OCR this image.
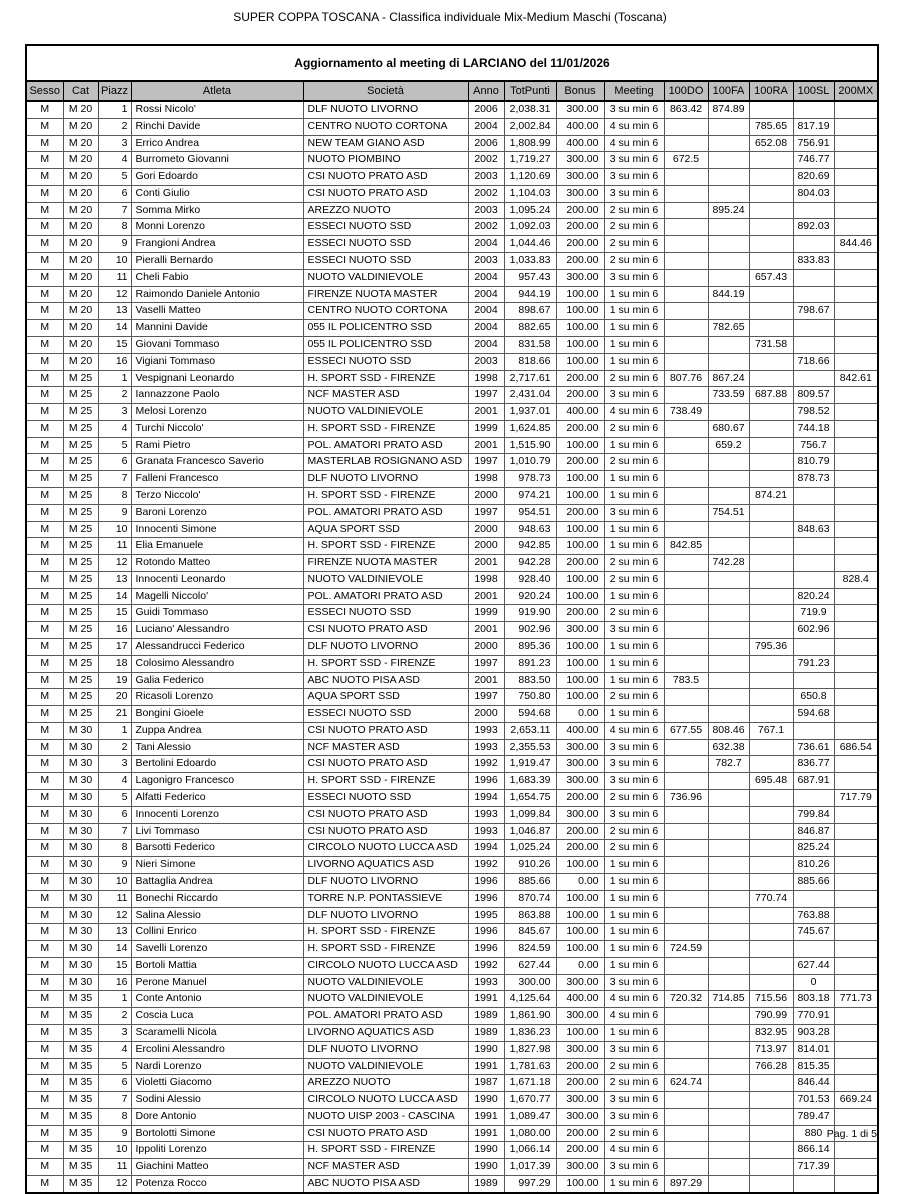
SUPER COPPA TOSCANA - Classifica individuale Mix-Medium Maschi (Toscana)
Aggiornamento al meeting di LARCIANO del 11/01/2026													
Sesso	Cat	Piazz	Atleta	Società	Anno	TotPunti	Bonus	Meeting	100DO	100FA	100RA	100SL	200MX
M	M 20	1	Rossi Nicolo'	DLF NUOTO LIVORNO	2006	2,038.31	300.00	3 su min 6	863.42	874.89			
M	M 20	2	Rinchi Davide	CENTRO NUOTO CORTONA	2004	2,002.84	400.00	4 su min 6			785.65	817.19	
M	M 20	3	Errico Andrea	NEW TEAM GIANO ASD	2006	1,808.99	400.00	4 su min 6			652.08	756.91	
M	M 20	4	Burrometo Giovanni	NUOTO PIOMBINO	2002	1,719.27	300.00	3 su min 6	672.5			746.77	
M	M 20	5	Gori Edoardo	CSI NUOTO PRATO ASD	2003	1,120.69	300.00	3 su min 6				820.69	
M	M 20	6	Conti Giulio	CSI NUOTO PRATO ASD	2002	1,104.03	300.00	3 su min 6				804.03	
M	M 20	7	Somma Mirko	AREZZO NUOTO	2003	1,095.24	200.00	2 su min 6		895.24			
M	M 20	8	Monni Lorenzo	ESSECI NUOTO SSD	2002	1,092.03	200.00	2 su min 6				892.03	
M	M 20	9	Frangioni Andrea	ESSECI NUOTO SSD	2004	1,044.46	200.00	2 su min 6					844.46
M	M 20	10	Pieralli Bernardo	ESSECI NUOTO SSD	2003	1,033.83	200.00	2 su min 6				833.83	
M	M 20	11	Cheli Fabio	NUOTO VALDINIEVOLE	2004	957.43	300.00	3 su min 6			657.43		
M	M 20	12	Raimondo Daniele Antonio	FIRENZE NUOTA MASTER	2004	944.19	100.00	1 su min 6		844.19			
M	M 20	13	Vaselli Matteo	CENTRO NUOTO CORTONA	2004	898.67	100.00	1 su min 6				798.67	
M	M 20	14	Mannini Davide	055 IL POLICENTRO SSD	2004	882.65	100.00	1 su min 6		782.65			
M	M 20	15	Giovani Tommaso	055 IL POLICENTRO SSD	2004	831.58	100.00	1 su min 6			731.58		
M	M 20	16	Vigiani Tommaso	ESSECI NUOTO SSD	2003	818.66	100.00	1 su min 6				718.66	
M	M 25	1	Vespignani Leonardo	H. SPORT SSD - FIRENZE	1998	2,717.61	200.00	2 su min 6	807.76	867.24			842.61
M	M 25	2	Iannazzone Paolo	NCF MASTER ASD	1997	2,431.04	200.00	3 su min 6		733.59	687.88	809.57	
M	M 25	3	Melosi Lorenzo	NUOTO VALDINIEVOLE	2001	1,937.01	400.00	4 su min 6	738.49			798.52	
M	M 25	4	Turchi Niccolo'	H. SPORT SSD - FIRENZE	1999	1,624.85	200.00	2 su min 6		680.67		744.18	
M	M 25	5	Rami Pietro	POL. AMATORI PRATO ASD	2001	1,515.90	100.00	1 su min 6		659.2		756.7	
M	M 25	6	Granata Francesco Saverio	MASTERLAB ROSIGNANO ASD	1997	1,010.79	200.00	2 su min 6				810.79	
M	M 25	7	Falleni Francesco	DLF NUOTO LIVORNO	1998	978.73	100.00	1 su min 6				878.73	
M	M 25	8	Terzo Niccolo'	H. SPORT SSD - FIRENZE	2000	974.21	100.00	1 su min 6			874.21		
M	M 25	9	Baroni Lorenzo	POL. AMATORI PRATO ASD	1997	954.51	200.00	3 su min 6		754.51			
M	M 25	10	Innocenti Simone	AQUA SPORT SSD	2000	948.63	100.00	1 su min 6				848.63	
M	M 25	11	Elia Emanuele	H. SPORT SSD - FIRENZE	2000	942.85	100.00	1 su min 6	842.85				
M	M 25	12	Rotondo Matteo	FIRENZE NUOTA MASTER	2001	942.28	200.00	2 su min 6		742.28			
M	M 25	13	Innocenti Leonardo	NUOTO VALDINIEVOLE	1998	928.40	100.00	2 su min 6					828.4
M	M 25	14	Magelli Niccolo'	POL. AMATORI PRATO ASD	2001	920.24	100.00	1 su min 6				820.24	
M	M 25	15	Guidi Tommaso	ESSECI NUOTO SSD	1999	919.90	200.00	2 su min 6				719.9	
M	M 25	16	Luciano' Alessandro	CSI NUOTO PRATO ASD	2001	902.96	300.00	3 su min 6				602.96	
M	M 25	17	Alessandrucci Federico	DLF NUOTO LIVORNO	2000	895.36	100.00	1 su min 6			795.36		
M	M 25	18	Colosimo Alessandro	H. SPORT SSD - FIRENZE	1997	891.23	100.00	1 su min 6				791.23	
M	M 25	19	Galia Federico	ABC NUOTO PISA ASD	2001	883.50	100.00	1 su min 6	783.5				
M	M 25	20	Ricasoli Lorenzo	AQUA SPORT SSD	1997	750.80	100.00	2 su min 6				650.8	
M	M 25	21	Bongini Gioele	ESSECI NUOTO SSD	2000	594.68	0.00	1 su min 6				594.68	
M	M 30	1	Zuppa Andrea	CSI NUOTO PRATO ASD	1993	2,653.11	400.00	4 su min 6	677.55	808.46	767.1		
M	M 30	2	Tani Alessio	NCF MASTER ASD	1993	2,355.53	300.00	3 su min 6		632.38		736.61	686.54
M	M 30	3	Bertolini Edoardo	CSI NUOTO PRATO ASD	1992	1,919.47	300.00	3 su min 6		782.7		836.77	
M	M 30	4	Lagonigro Francesco	H. SPORT SSD - FIRENZE	1996	1,683.39	300.00	3 su min 6			695.48	687.91	
M	M 30	5	Alfatti Federico	ESSECI NUOTO SSD	1994	1,654.75	200.00	2 su min 6	736.96				717.79
M	M 30	6	Innocenti Lorenzo	CSI NUOTO PRATO ASD	1993	1,099.84	300.00	3 su min 6				799.84	
M	M 30	7	Livi Tommaso	CSI NUOTO PRATO ASD	1993	1,046.87	200.00	2 su min 6				846.87	
M	M 30	8	Barsotti Federico	CIRCOLO NUOTO LUCCA ASD	1994	1,025.24	200.00	2 su min 6				825.24	
M	M 30	9	Nieri Simone	LIVORNO AQUATICS ASD	1992	910.26	100.00	1 su min 6				810.26	
M	M 30	10	Battaglia Andrea	DLF NUOTO LIVORNO	1996	885.66	0.00	1 su min 6				885.66	
M	M 30	11	Bonechi Riccardo	TORRE N.P. PONTASSIEVE	1996	870.74	100.00	1 su min 6			770.74		
M	M 30	12	Salina Alessio	DLF NUOTO LIVORNO	1995	863.88	100.00	1 su min 6				763.88	
M	M 30	13	Collini Enrico	H. SPORT SSD - FIRENZE	1996	845.67	100.00	1 su min 6				745.67	
M	M 30	14	Savelli Lorenzo	H. SPORT SSD - FIRENZE	1996	824.59	100.00	1 su min 6	724.59				
M	M 30	15	Bortoli Mattia	CIRCOLO NUOTO LUCCA ASD	1992	627.44	0.00	1 su min 6				627.44	
M	M 30	16	Perone Manuel	NUOTO VALDINIEVOLE	1993	300.00	300.00	3 su min 6				0	
M	M 35	1	Conte Antonio	NUOTO VALDINIEVOLE	1991	4,125.64	400.00	4 su min 6	720.32	714.85	715.56	803.18	771.73
M	M 35	2	Coscia Luca	POL. AMATORI PRATO ASD	1989	1,861.90	300.00	4 su min 6			790.99	770.91	
M	M 35	3	Scaramelli Nicola	LIVORNO AQUATICS ASD	1989	1,836.23	100.00	1 su min 6			832.95	903.28	
M	M 35	4	Ercolini Alessandro	DLF NUOTO LIVORNO	1990	1,827.98	300.00	3 su min 6			713.97	814.01	
M	M 35	5	Nardi Lorenzo	NUOTO VALDINIEVOLE	1991	1,781.63	200.00	2 su min 6			766.28	815.35	
M	M 35	6	Violetti Giacomo	AREZZO NUOTO	1987	1,671.18	200.00	2 su min 6	624.74			846.44	
M	M 35	7	Sodini Alessio	CIRCOLO NUOTO LUCCA ASD	1990	1,670.77	300.00	3 su min 6				701.53	669.24
M	M 35	8	Dore Antonio	NUOTO UISP 2003 - CASCINA	1991	1,089.47	300.00	3 su min 6				789.47	
M	M 35	9	Bortolotti Simone	CSI NUOTO PRATO ASD	1991	1,080.00	200.00	2 su min 6				880	
M	M 35	10	Ippoliti Lorenzo	H. SPORT SSD - FIRENZE	1990	1,066.14	200.00	4 su min 6				866.14	
M	M 35	11	Giachini Matteo	NCF MASTER ASD	1990	1,017.39	300.00	3 su min 6				717.39	
M	M 35	12	Potenza Rocco	ABC NUOTO PISA ASD	1989	997.29	100.00	1 su min 6	897.29				
Pag. 1 di 5
